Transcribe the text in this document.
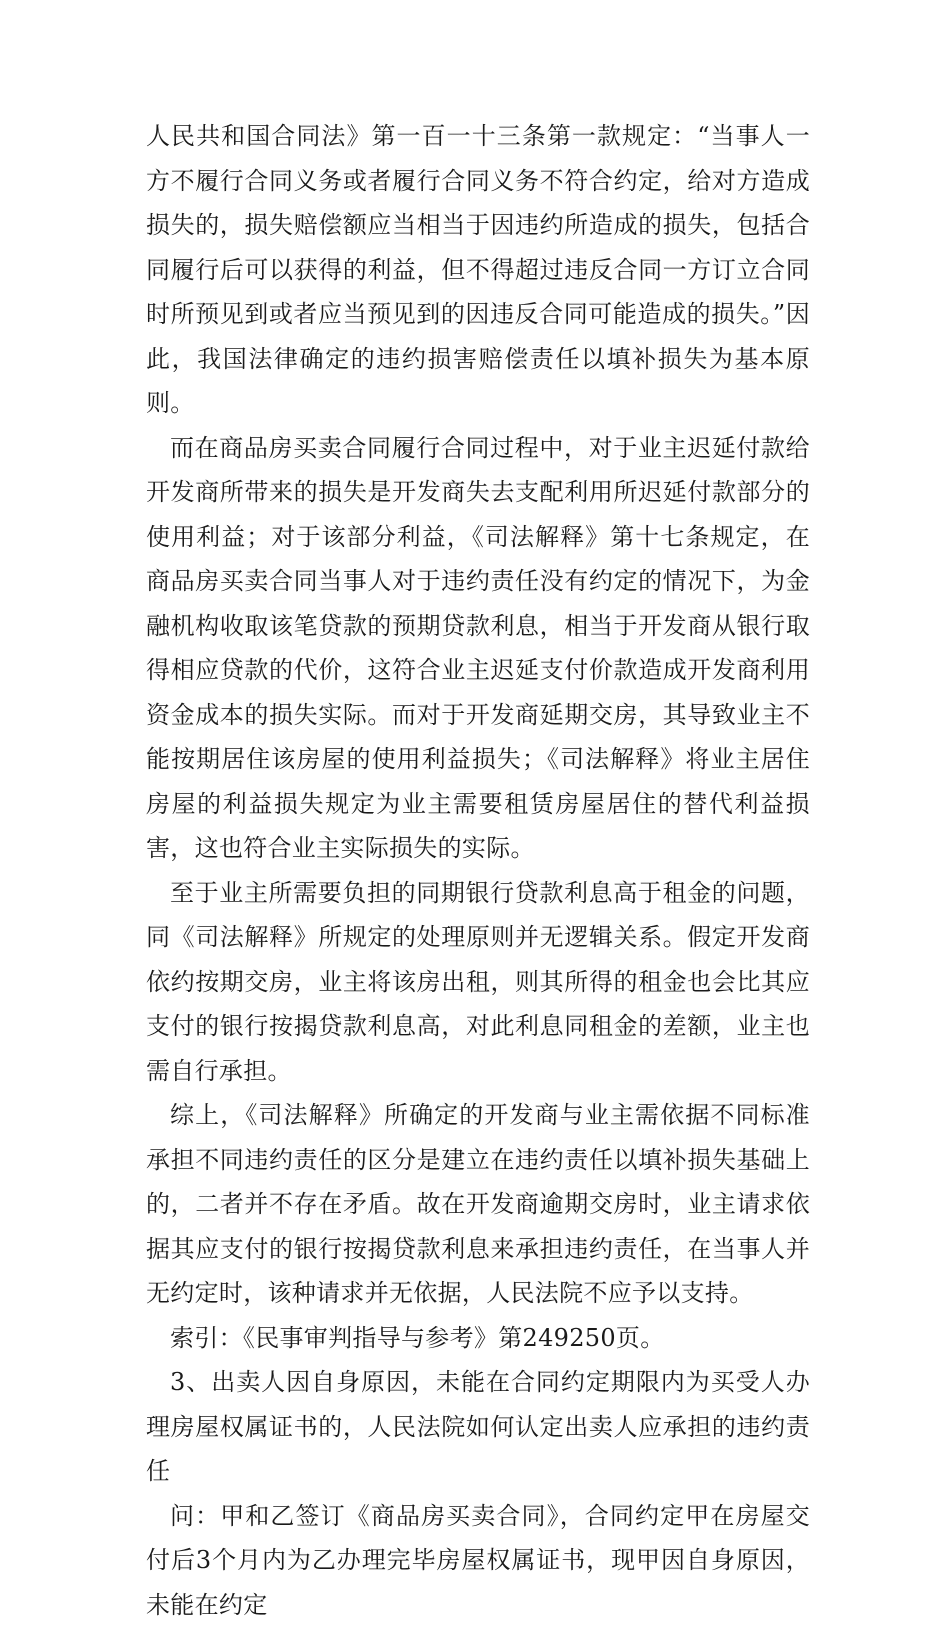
人民共和国合同法》第一百一十三条第一款规定：“当事人一方不履行合同义务或者履行合同义务不符合约定，给对方造成损失的，损失赔偿额应当相当于因违约所造成的损失，包括合同履行后可以获得的利益，但不得超过违反合同一方订立合同时所预见到或者应当预见到的因违反合同可能造成的损失。”因此，我国法律确定的违约损害赔偿责任以填补损失为基本原则。

而在商品房买卖合同履行合同过程中，对于业主迟延付款给开发商所带来的损失是开发商失去支配利用所迟延付款部分的使用利益；对于该部分利益，《司法解释》第十七条规定，在商品房买卖合同当事人对于违约责任没有约定的情况下，为金融机构收取该笔贷款的预期贷款利息，相当于开发商从银行取得相应贷款的代价，这符合业主迟延支付价款造成开发商利用资金成本的损失实际。而对于开发商延期交房，其导致业主不能按期居住该房屋的使用利益损失；《司法解释》将业主居住房屋的利益损失规定为业主需要租赁房屋居住的替代利益损害，这也符合业主实际损失的实际。

至于业主所需要负担的同期银行贷款利息高于租金的问题，同《司法解释》所规定的处理原则并无逻辑关系。假定开发商依约按期交房，业主将该房出租，则其所得的租金也会比其应支付的银行按揭贷款利息高，对此利息同租金的差额，业主也需自行承担。

综上，《司法解释》所确定的开发商与业主需依据不同标准承担不同违约责任的区分是建立在违约责任以填补损失基础上的，二者并不存在矛盾。故在开发商逾期交房时，业主请求依据其应支付的银行按揭贷款利息来承担违约责任，在当事人并无约定时，该种请求并无依据，人民法院不应予以支持。

索引：《民事审判指导与参考》第249250页。

3、出卖人因自身原因，未能在合同约定期限内为买受人办理房屋权属证书的，人民法院如何认定出卖人应承担的违约责任

问：甲和乙签订《商品房买卖合同》，合同约定甲在房屋交付后3个月内为乙办理完毕房屋权属证书，现甲因自身原因，未能在约定
